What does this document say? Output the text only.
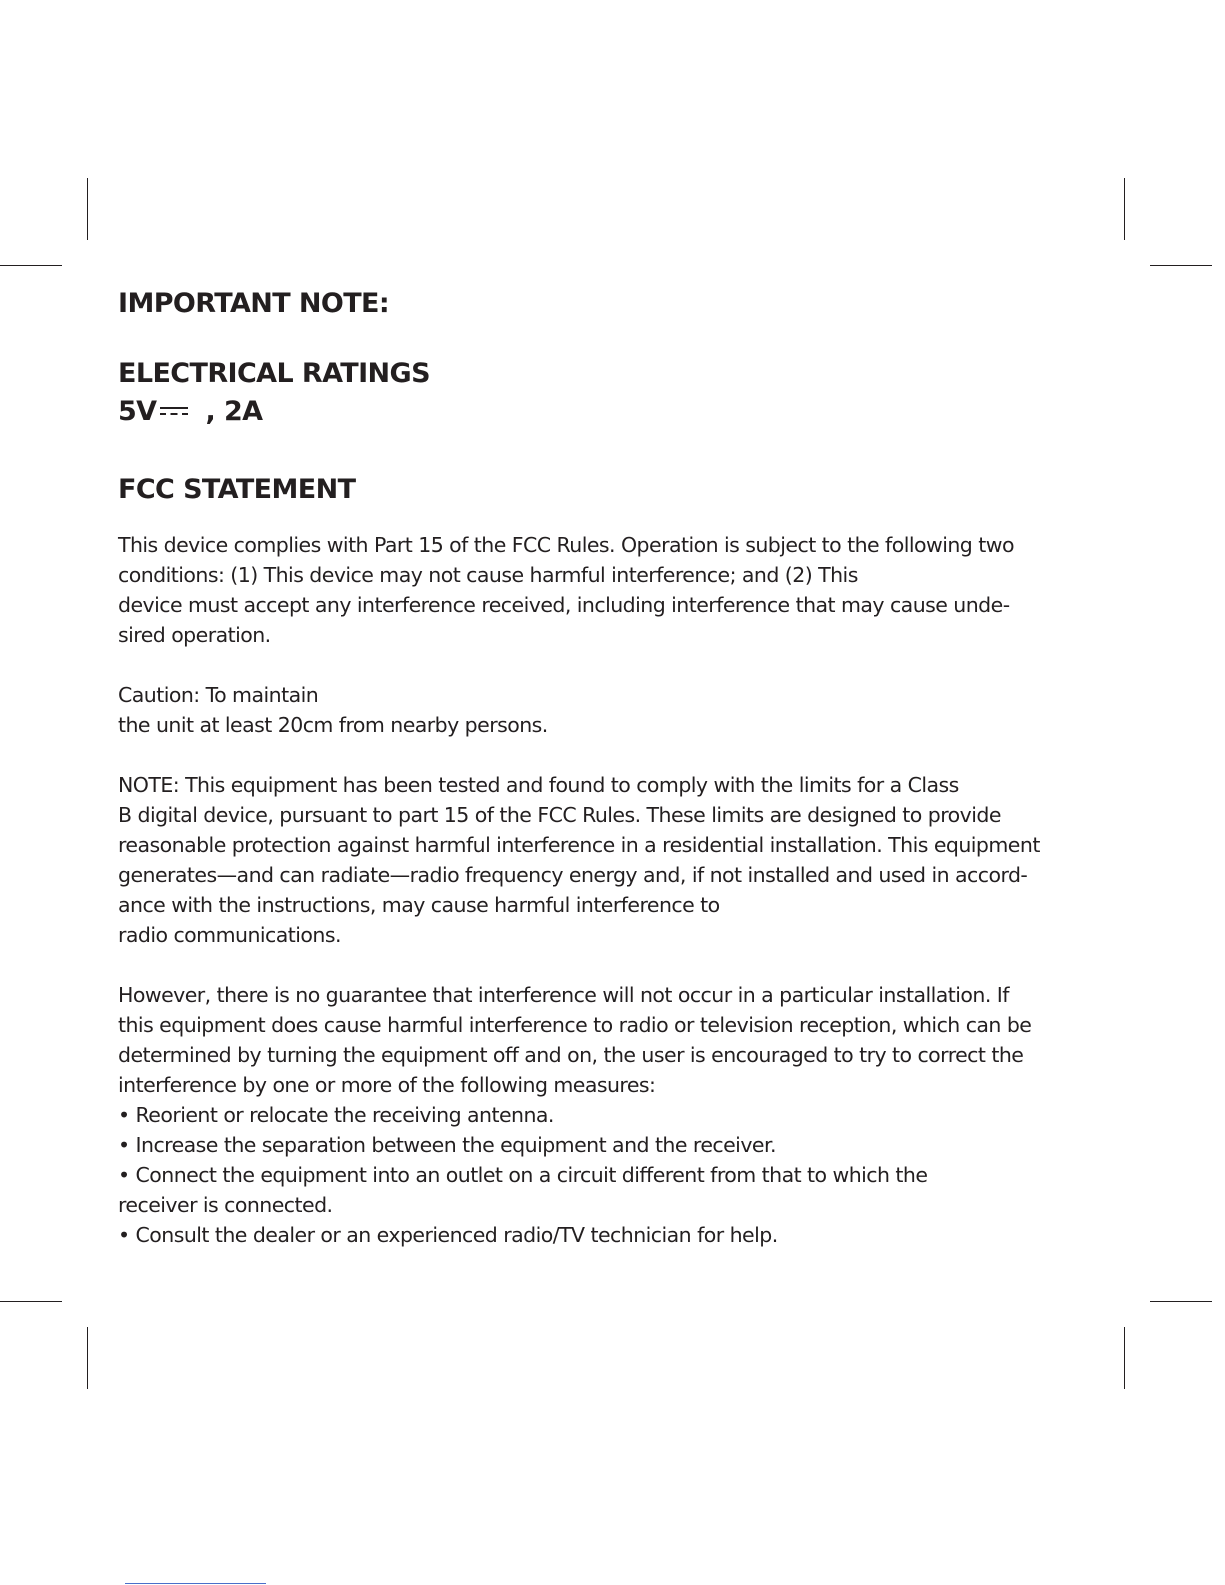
IMPORTANT NOTE:
ELECTRICAL RATINGS
5V , 2A
FCC STATEMENT

This device complies with Part 15 of the FCC Rules. Operation is subject to the following two
conditions: (1) This device may not cause harmful interference; and (2) This
device must accept any interference received, including interference that may cause unde-
sired operation.

Caution: To maintain
the unit at least 20cm from nearby persons.

NOTE: This equipment has been tested and found to comply with the limits for a Class
B digital device, pursuant to part 15 of the FCC Rules. These limits are designed to provide
reasonable protection against harmful interference in a residential installation. This equipment
generates—and can radiate—radio frequency energy and, if not installed and used in accord-
ance with the instructions, may cause harmful interference to
radio communications.

However, there is no guarantee that interference will not occur in a particular installation. If
this equipment does cause harmful interference to radio or television reception, which can be
determined by turning the equipment off and on, the user is encouraged to try to correct the
interference by one or more of the following measures:
• Reorient or relocate the receiving antenna.
• Increase the separation between the equipment and the receiver.
• Connect the equipment into an outlet on a circuit different from that to which the
receiver is connected.
• Consult the dealer or an experienced radio/TV technician for help.
